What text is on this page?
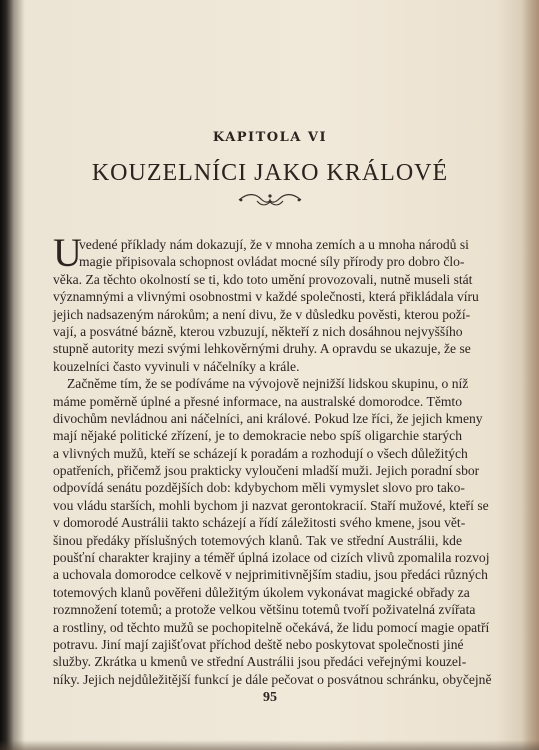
KAPITOLA VI
KOUZELNÍCI JAKO KRÁLOVÉ
U
vedené příklady nám dokazují, že v mnoha zemích a u mnoha národů si
magie připisovala schopnost ovládat mocné síly přírody pro dobro člo-
věka. Za těchto okolností se ti, kdo toto umění provozovali, nutně museli stát
významnými a vlivnými osobnostmi v každé společnosti, která přikládala víru
jejich nadsazeným nárokům; a není divu, že v důsledku pověsti, kterou poží-
vají, a posvátné bázně, kterou vzbuzují, někteří z nich dosáhnou nejvyššího
stupně autority mezi svými lehkověrnými druhy. A opravdu se ukazuje, že se
kouzelníci často vyvinuli v náčelníky a krále.
Začněme tím, že se podíváme na vývojově nejnižší lidskou skupinu, o níž
máme poměrně úplné a přesné informace, na australské domorodce. Těmto
divochům nevládnou ani náčelníci, ani králové. Pokud lze říci, že jejich kmeny
mají nějaké politické zřízení, je to demokracie nebo spíš oligarchie starých
a vlivných mužů, kteří se scházejí k poradám a rozhodují o všech důležitých
opatřeních, přičemž jsou prakticky vyloučeni mladší muži. Jejich poradní sbor
odpovídá senátu pozdějších dob: kdybychom měli vymyslet slovo pro tako-
vou vládu starších, mohli bychom ji nazvat gerontokracií. Staří mužové, kteří se
v domorodé Austrálii takto scházejí a řídí záležitosti svého kmene, jsou vět-
šinou předáky příslušných totemových klanů. Tak ve střední Austrálii, kde
poušťní charakter krajiny a téměř úplná izolace od cizích vlivů zpomalila rozvoj
a uchovala domorodce celkově v nejprimitivnějším stadiu, jsou předáci různých
totemových klanů pověřeni důležitým úkolem vykonávat magické obřady za
rozmnožení totemů; a protože velkou většinu totemů tvoří poživatelná zvířata
a rostliny, od těchto mužů se pochopitelně očekává, že lidu pomocí magie opatří
potravu. Jiní mají zajišťovat příchod deště nebo poskytovat společnosti jiné
služby. Zkrátka u kmenů ve střední Austrálii jsou předáci veřejnými kouzel-
níky. Jejich nejdůležitější funkcí je dále pečovat o posvátnou schránku, obyčejně
95
